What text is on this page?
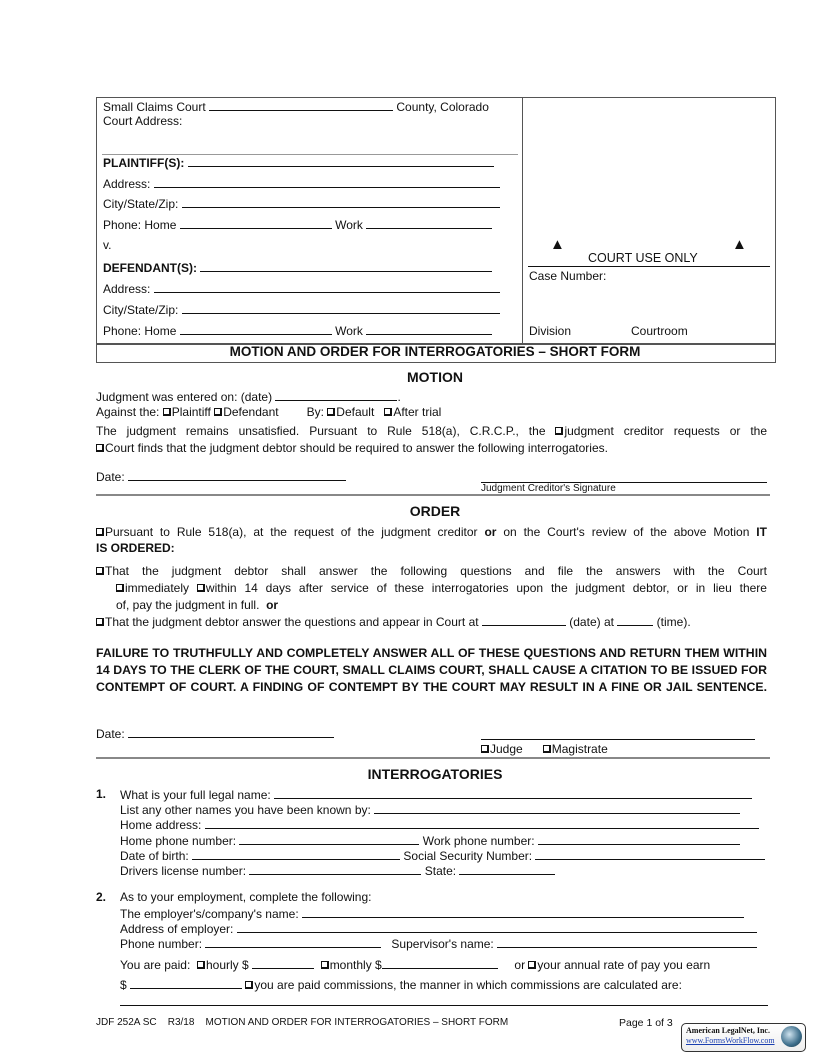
Small Claims Court	County, Colorado
Court Address:
PLAINTIFF(S):
Address:
City/State/Zip:
Phone: Home	Work
v.
DEFENDANT(S):
Address:
City/State/Zip:
Phone: Home	Work
▲	▲
COURT USE ONLY
Case Number:
Division	Courtroom
MOTION AND ORDER FOR INTERROGATORIES – SHORT FORM
MOTION
Judgment was entered on: (date)	.
Against the: Plaintiff Defendant By: Default After trial
The judgment remains unsatisfied. Pursuant to Rule 518(a), C.R.C.P., the judgment creditor requests or the
Court finds that the judgment debtor should be required to answer the following interrogatories.
Date:
Judgment Creditor's Signature
ORDER
Pursuant to Rule 518(a), at the request of the judgment creditor or on the Court's review of the above Motion IT
IS ORDERED:
That the judgment debtor shall answer the following questions and file the answers with the Court
immediately within 14 days after service of these interrogatories upon the judgment debtor, or in lieu there
of, pay the judgment in full. or
That the judgment debtor answer the questions and appear in Court at	(date) at	(time).
FAILURE TO TRUTHFULLY AND COMPLETELY ANSWER ALL OF THESE QUESTIONS AND RETURN THEM WITHIN 14 DAYS TO THE CLERK OF THE COURT, SMALL CLAIMS COURT, SHALL CAUSE A CITATION TO BE ISSUED FOR CONTEMPT OF COURT. A FINDING OF CONTEMPT BY THE COURT MAY RESULT IN A FINE OR JAIL SENTENCE.
Date:
Judge Magistrate
INTERROGATORIES
1. What is your full legal name:
List any other names you have been known by:
Home address:
Home phone number:	Work phone number:
Date of birth:	Social Security Number:
Drivers license number:	State:
2. As to your employment, complete the following:
The employer's/company's name:
Address of employer:
Phone number:	Supervisor's name:
You are paid: hourly $	monthly $	or your annual rate of pay you earn
$	you are paid commissions, the manner in which commissions are calculated are:
JDF 252A SC R3/18 MOTION AND ORDER FOR INTERROGATORIES – SHORT FORM	Page 1 of 3
American LegalNet, Inc.
www.FormsWorkFlow.com
